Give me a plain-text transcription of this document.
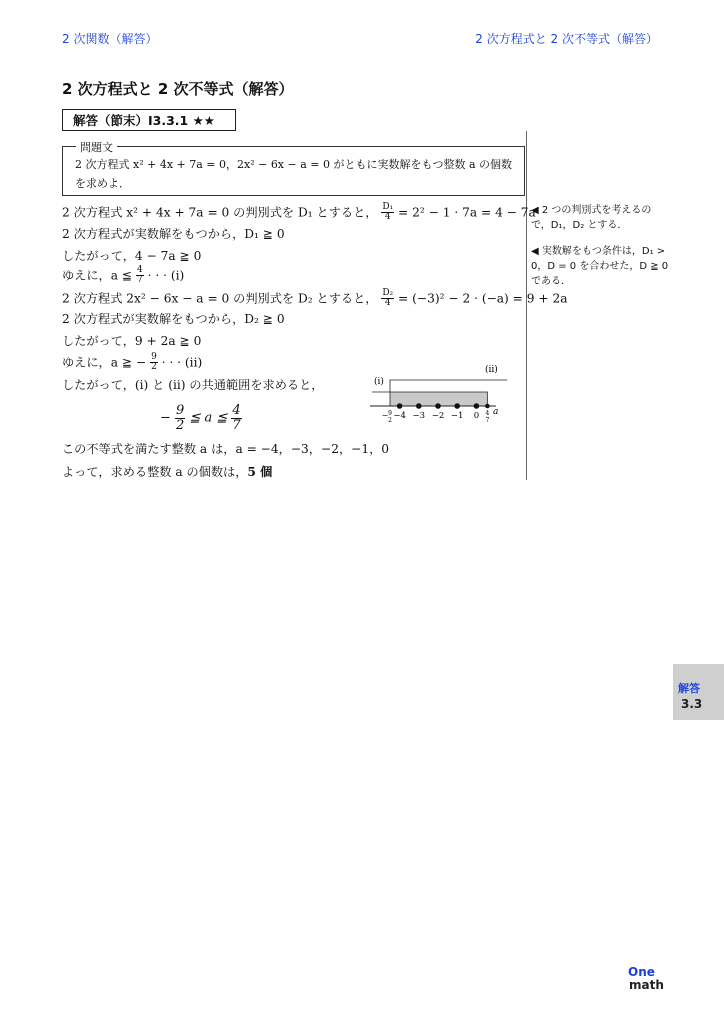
2 次関数（解答）	2 次方程式と 2 次不等式（解答）
2 次方程式と 2 次不等式（解答）
解答（節末）I3.3.1 ★★
問題文
2 次方程式 x² + 4x + 7a = 0，2x² − 6x − a = 0 がともに実数解をもつ整数 a の個数を求めよ．
2 次方程式 x² + 4x + 7a = 0 の判別式を D₁ とすると， $\frac{\text{D₁}}{4} = 2^2 - 1 \cdot 7a = 4 - 7a$
2 次方程式が実数解をもつから，D₁ ≧ 0
したがって，4 − 7a ≧ 0
ゆえに，a ≦ $\frac{4}{7}$ · · · (i)
2 次方程式 2x² − 6x − a = 0 の判別式を D₂ とすると， $\frac{\text{D₂}}{4} = (-3)^2 - 2 \cdot (-a) = 9 + 2a$
2 次方程式が実数解をもつから，D₂ ≧ 0
したがって，9 + 2a ≧ 0
ゆえに，a ≧ − $\frac{9}{2}$ · · · (ii)
したがって，(i) と (ii) の共通範囲を求めると，
− $\frac{9}{2}$ ≦ a ≦ $\frac{4}{7}$
この不等式を満たす整数 a は，a = −4，−3，−2，−1，0
よって，求める整数 a の個数は，5 個
−4 −3 −2 −1 0
− 9
2
4
7
(i)
(ii)
a
◀ 2 つの判別式を考えるので，D₁，D₂ とする．
◀ 実数解をもつ条件は，D₁ > 0，D = 0 を合わせた，D ≧ 0 である．
解答
3.3
One
math
